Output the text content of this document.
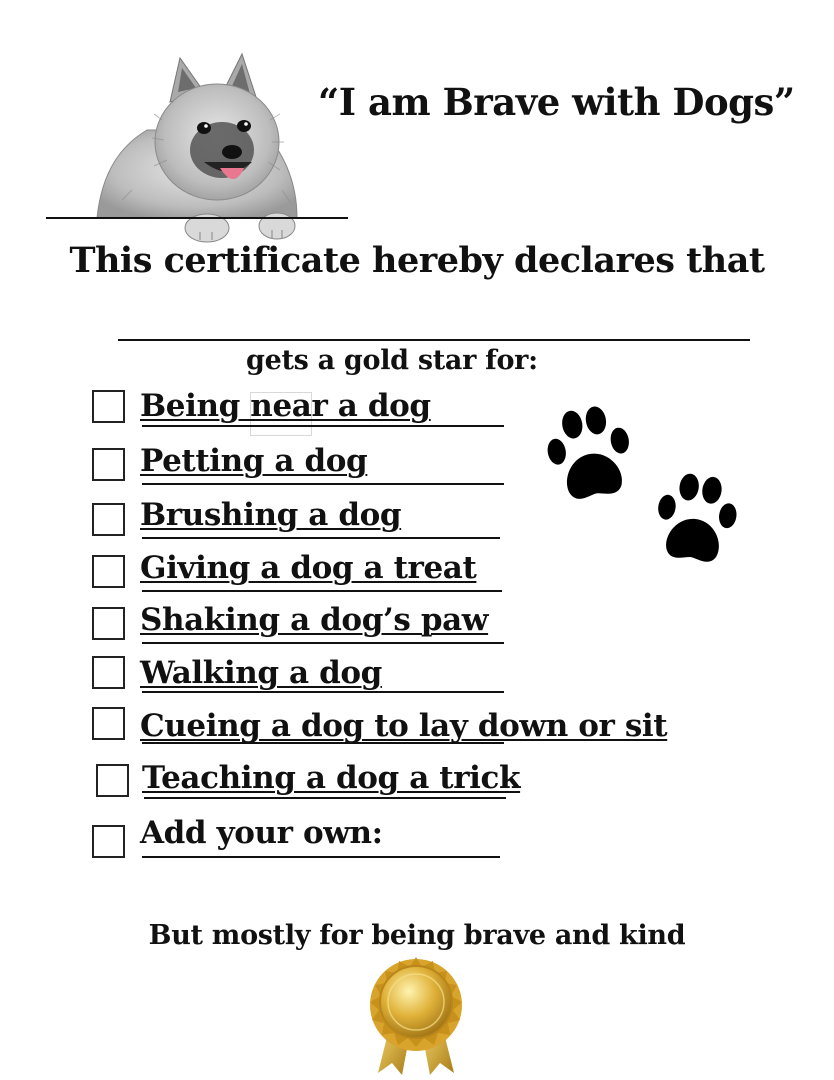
“I am Brave with Dogs”
This certificate hereby declares that
gets a gold star for:
Being near a dog
Petting a dog
Brushing a dog
Giving a dog a treat
Shaking a dog’s paw
Walking a dog
Cueing a dog to lay down or sit
Teaching a dog a trick
Add your own:
But mostly for being brave and kind
